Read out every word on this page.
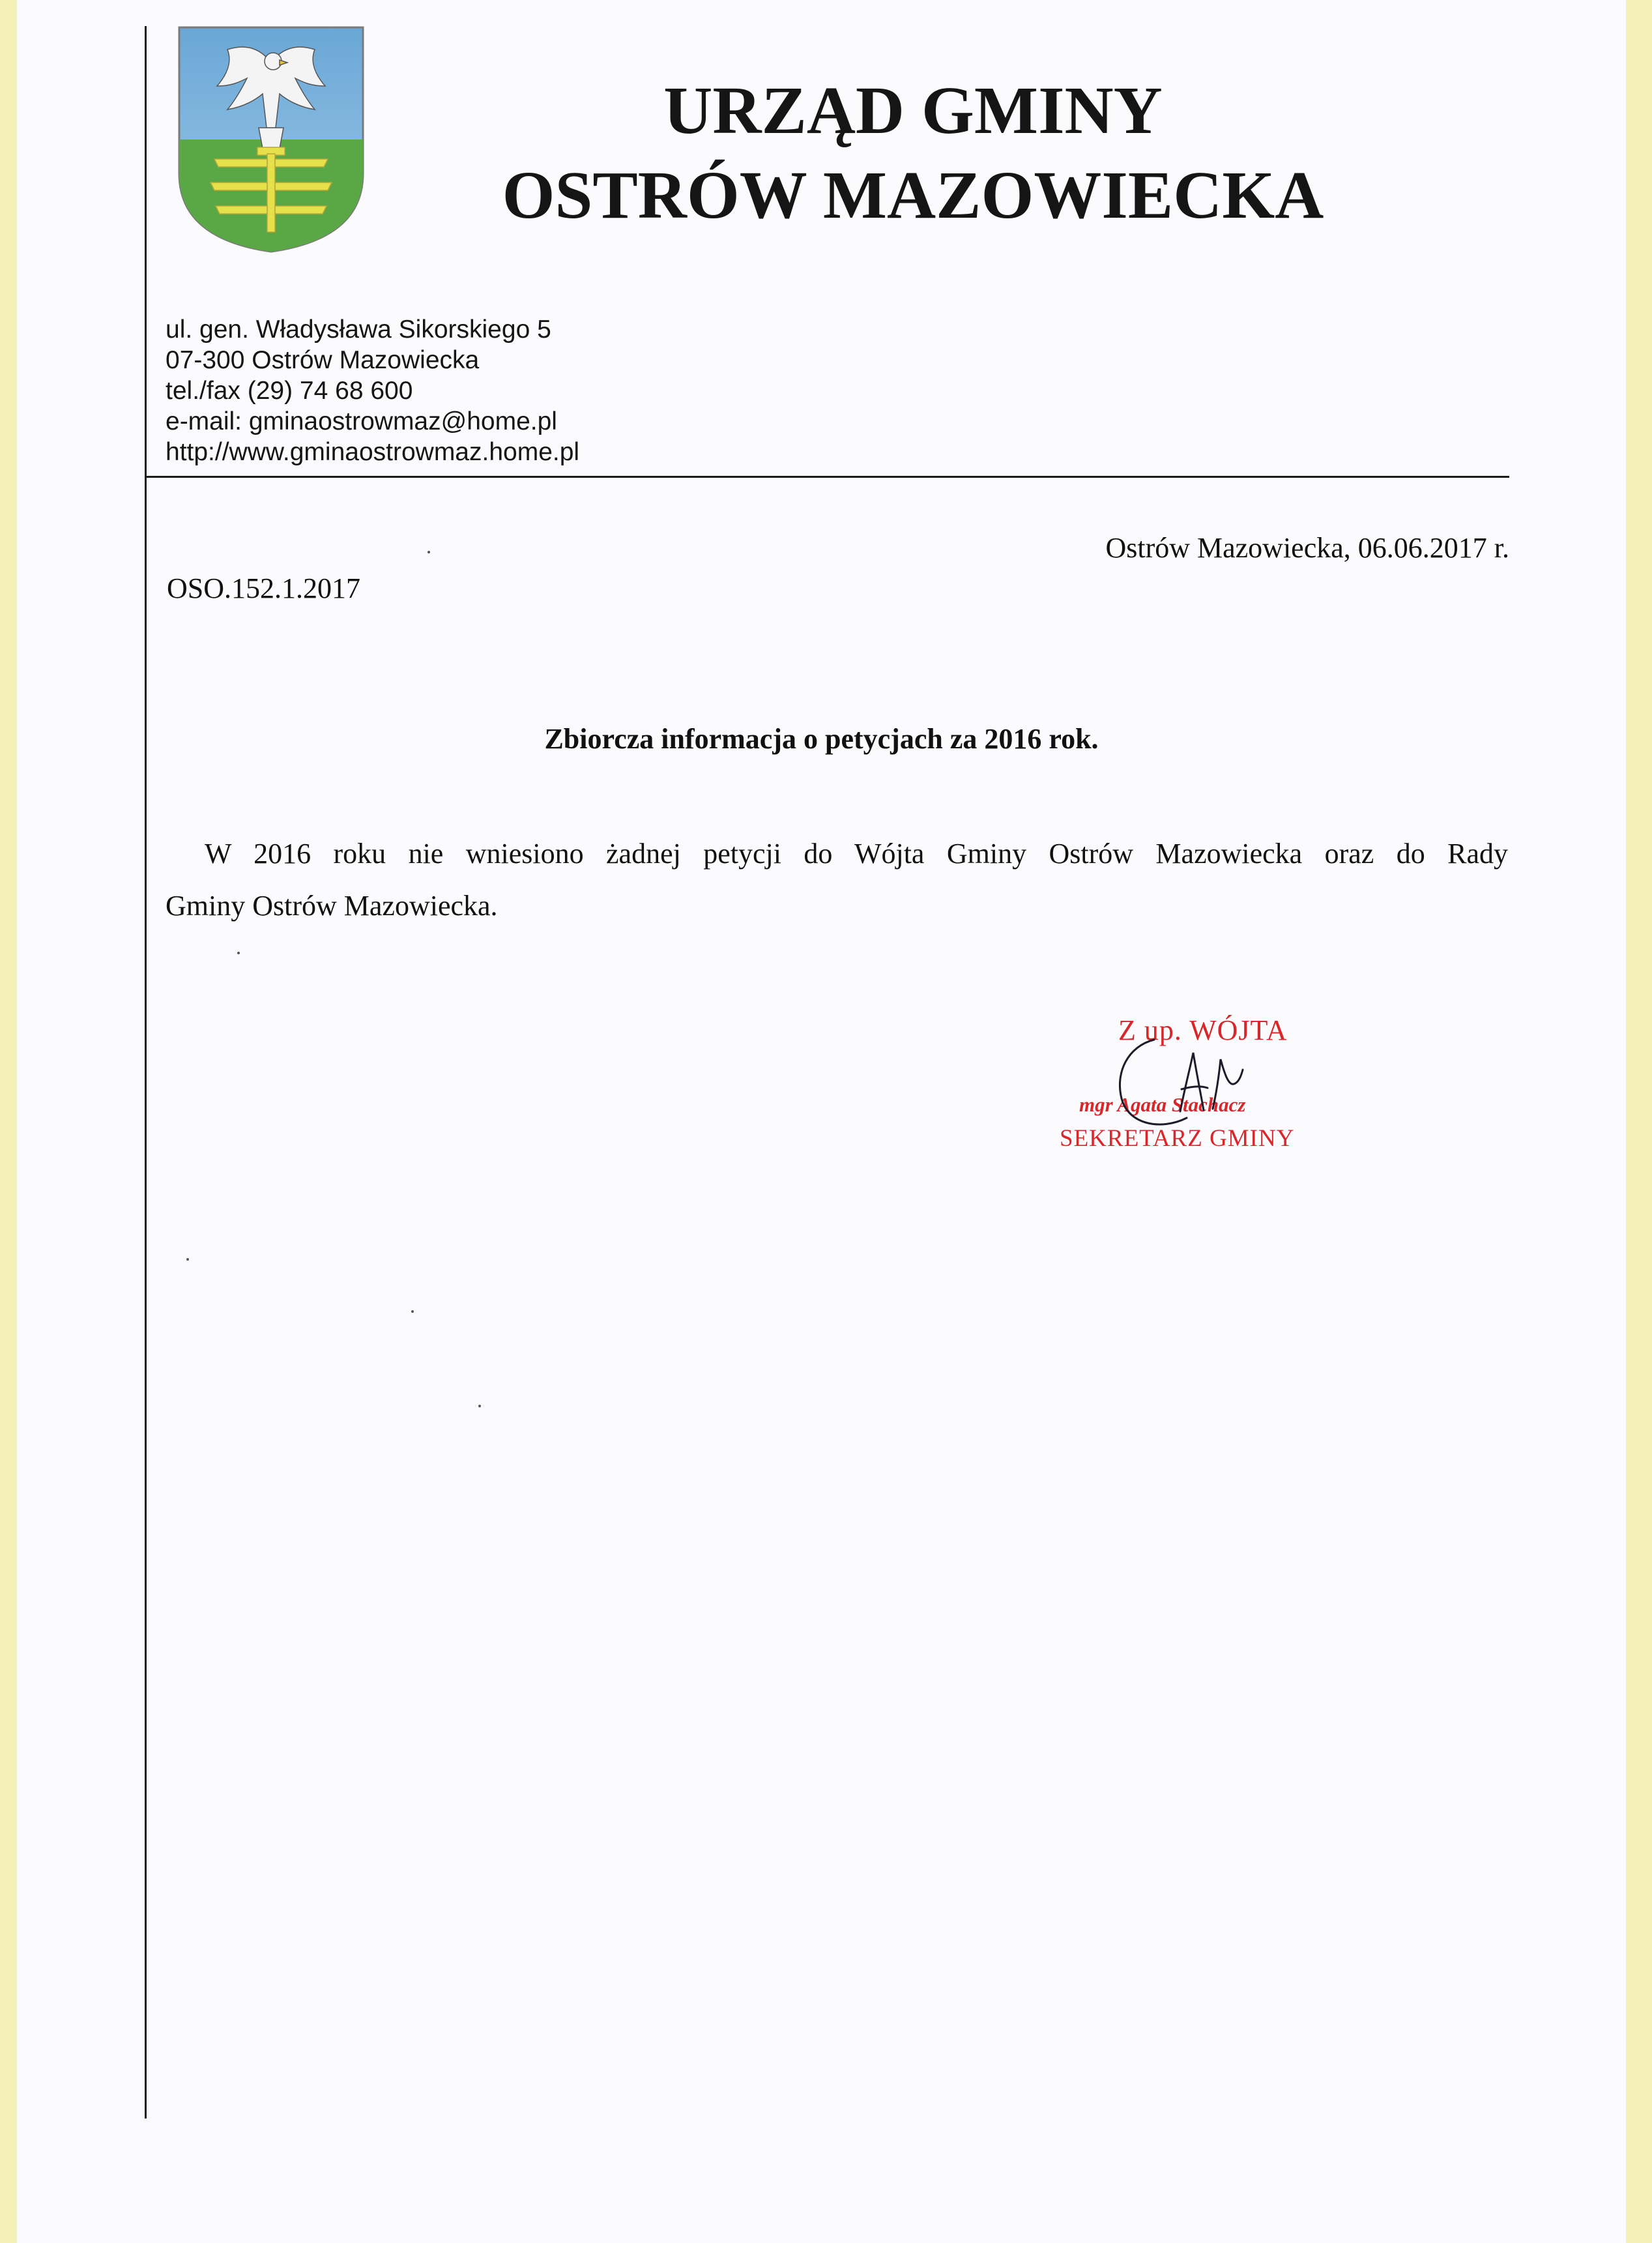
URZĄD GMINY
OSTRÓW MAZOWIECKA
ul. gen. Władysława Sikorskiego 5
07-300 Ostrów Mazowiecka
tel./fax (29) 74 68 600
e-mail: gminaostrowmaz@home.pl
http://www.gminaostrowmaz.home.pl
Ostrów Mazowiecka, 06.06.2017 r.
OSO.152.1.2017
Zbiorcza informacja o petycjach za 2016 rok.
W 2016 roku nie wniesiono żadnej petycji do Wójta Gminy Ostrów Mazowiecka oraz do Rady
Gminy Ostrów Mazowiecka.
Z up. WÓJTA
mgr Agata Stachacz
SEKRETARZ GMINY
